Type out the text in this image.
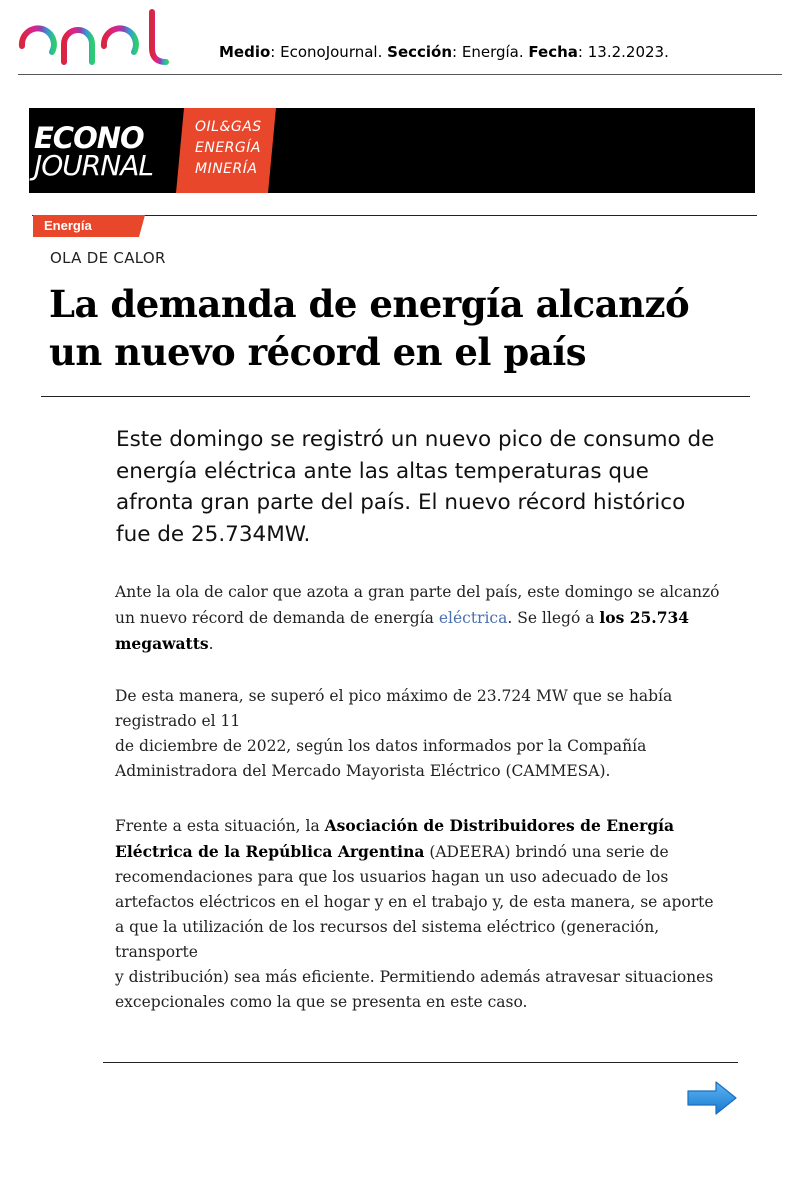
Medio: EconoJournal. Sección: Energía. Fecha: 13.2.2023.
ECONO
JOURNAL
OIL&GAS
ENERGÍA
MINERÍA
Energía
OLA DE CALOR
La demanda de energía alcanzó un nuevo récord en el país

Este domingo se registró un nuevo pico de consumo de energía eléctrica ante las altas temperaturas que afronta gran parte del país. El nuevo récord histórico fue de 25.734MW.

Ante la ola de calor que azota a gran parte del país, este domingo se alcanzó un nuevo récord de demanda de energía eléctrica. Se llegó a los 25.734 megawatts.

De esta manera, se superó el pico máximo de 23.724 MW que se había registrado el 11
de diciembre de 2022, según los datos informados por la Compañía Administradora del Mercado Mayorista Eléctrico (CAMMESA).

Frente a esta situación, la Asociación de Distribuidores de Energía Eléctrica de la República Argentina (ADEERA) brindó una serie de recomendaciones para que los usuarios hagan un uso adecuado de los artefactos eléctricos en el hogar y en el trabajo y, de esta manera, se aporte a que la utilización de los recursos del sistema eléctrico (generación, transporte
y distribución) sea más eficiente. Permitiendo además atravesar situaciones
excepcionales como la que se presenta en este caso.
